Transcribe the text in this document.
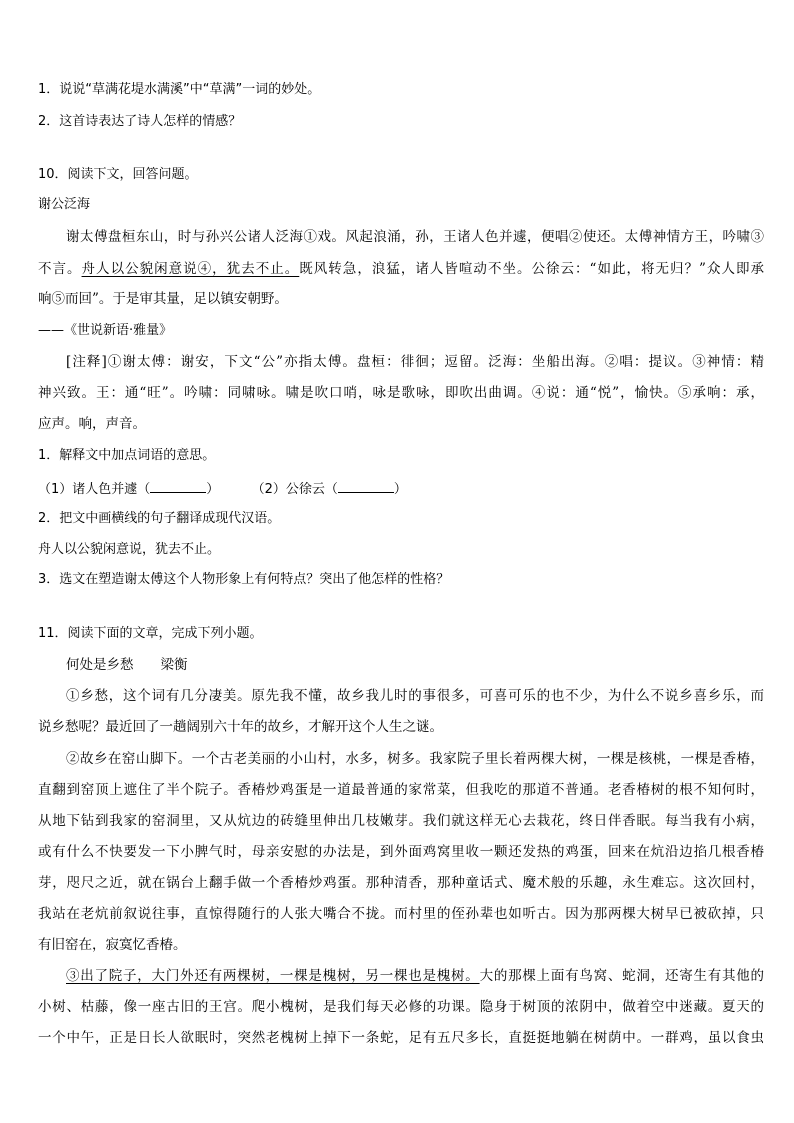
1．说说“草满花堤水满溪”中“草满”一词的妙处。
2．这首诗表达了诗人怎样的情感？
10．阅读下文，回答问题。
谢公泛海
谢太傅盘桓东山，时与孙兴公诸人泛海①戏。风起浪涌，孙，王诸人色并遽，便唱②使还。太傅神情方王，吟啸③
不言。舟人以公貌闲意说④，犹去不止。既风转急，浪猛，诸人皆喧动不坐。公徐云：“如此，将无归？”众人即承
响⑤而回”。于是审其量，足以镇安朝野。
——《世说新语·雅量》
[注释]①谢太傅：谢安，下文“公”亦指太傅。盘桓：徘徊；逗留。泛海：坐船出海。②唱：提议。③神情：精
神兴致。王：通“旺”。吟啸：同啸咏。啸是吹口哨，咏是歌咏，即吹出曲调。④说：通“悦”，愉快。⑤承响：承，
应声。响，声音。
1．解释文中加点词语的意思。
（1）诸人色并遽（	） （2）公徐云（	）
2．把文中画横线的句子翻译成现代汉语。
舟人以公貌闲意说，犹去不止。
3．选文在塑造谢太傅这个人物形象上有何特点？突出了他怎样的性格？
11．阅读下面的文章，完成下列小题。
何处是乡愁　　梁衡
①乡愁，这个词有几分凄美。原先我不懂，故乡我儿时的事很多，可喜可乐的也不少，为什么不说乡喜乡乐，而
说乡愁呢？最近回了一趟阔别六十年的故乡，才解开这个人生之谜。
②故乡在窑山脚下。一个古老美丽的小山村，水多，树多。我家院子里长着两棵大树，一棵是核桃，一棵是香椿，
直翻到窑顶上遮住了半个院子。香椿炒鸡蛋是一道最普通的家常菜，但我吃的那道不普通。老香椿树的根不知何时，
从地下钻到我家的窑洞里，又从炕边的砖缝里伸出几枝嫩芽。我们就这样无心去栽花，终日伴香眠。每当我有小病，
或有什么不快要发一下小脾气时，母亲安慰的办法是，到外面鸡窝里收一颗还发热的鸡蛋，回来在炕沿边掐几根香椿
芽，咫尺之近，就在锅台上翻手做一个香椿炒鸡蛋。那种清香，那种童话式、魔术般的乐趣，永生难忘。这次回村，
我站在老炕前叙说往事，直惊得随行的人张大嘴合不拢。而村里的侄孙辈也如听古。因为那两棵大树早已被砍掉，只
有旧窑在，寂寞忆香椿。
③出了院子，大门外还有两棵树，一棵是槐树，另一棵也是槐树。大的那棵上面有鸟窝、蛇洞，还寄生有其他的
小树、枯藤，像一座古旧的王宫。爬小槐树，是我们每天必修的功课。隐身于树顶的浓阴中，做着空中迷藏。夏天的
一个中午，正是日长人欲眠时，突然老槐树上掉下一条蛇，足有五尺多长，直挺挺地躺在树荫中。一群鸡，虽以食虫
